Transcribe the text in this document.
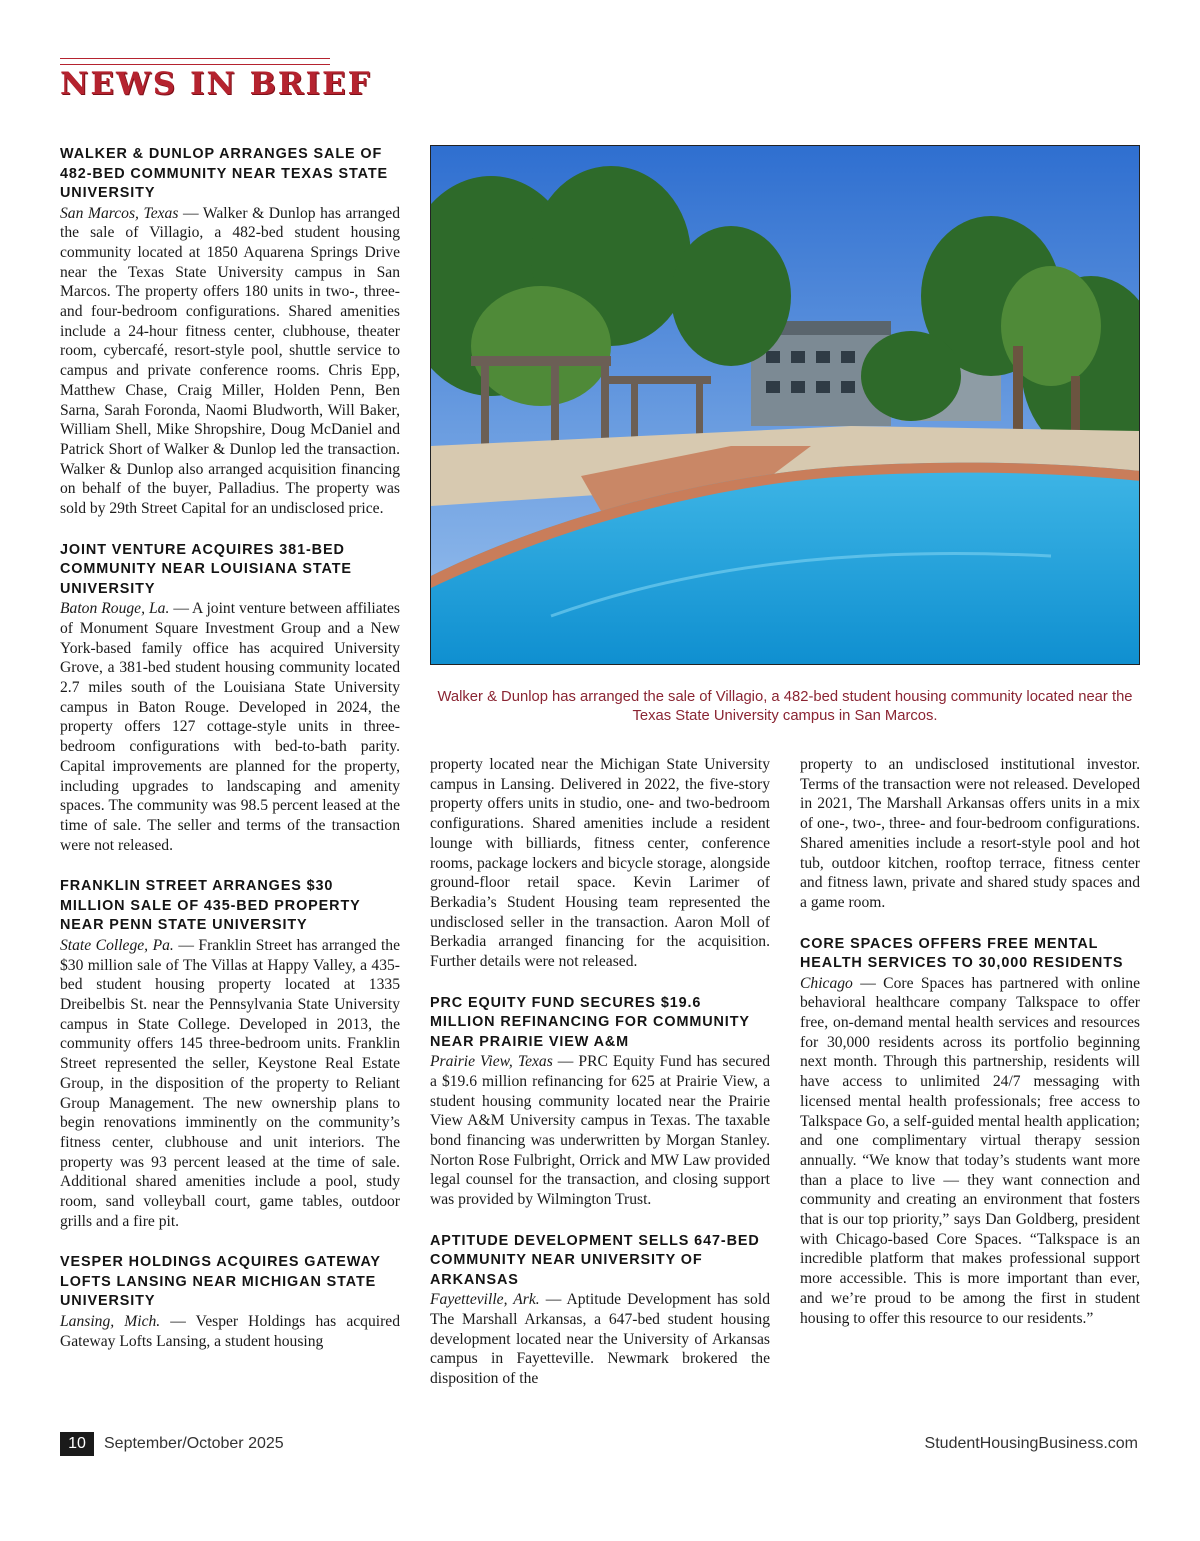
NEWS IN BRIEF
WALKER & DUNLOP ARRANGES SALE OF 482-BED COMMUNITY NEAR TEXAS STATE UNIVERSITY

San Marcos, Texas — Walker & Dunlop has arranged the sale of Villagio, a 482-bed student housing community located at 1850 Aquarena Springs Drive near the Texas State University campus in San Marcos. The property offers 180 units in two-, three- and four-bedroom configurations. Shared amenities include a 24-hour fitness center, clubhouse, theater room, cybercafé, resort-style pool, shuttle service to campus and private conference rooms. Chris Epp, Matthew Chase, Craig Miller, Holden Penn, Ben Sarna, Sarah Foronda, Naomi Bludworth, Will Baker, William Shell, Mike Shropshire, Doug McDaniel and Patrick Short of Walker & Dunlop led the transaction. Walker & Dunlop also arranged acquisition financing on behalf of the buyer, Palladius. The property was sold by 29th Street Capital for an undisclosed price.

JOINT VENTURE ACQUIRES 381-BED COMMUNITY NEAR LOUISIANA STATE UNIVERSITY

Baton Rouge, La. — A joint venture between affiliates of Monument Square Investment Group and a New York-based family office has acquired University Grove, a 381-bed student housing community located 2.7 miles south of the Louisiana State University campus in Baton Rouge. Developed in 2024, the property offers 127 cottage-style units in three-bedroom configurations with bed-to-bath parity. Capital improvements are planned for the property, including upgrades to landscaping and amenity spaces. The community was 98.5 percent leased at the time of sale. The seller and terms of the transaction were not released.

FRANKLIN STREET ARRANGES $30 MILLION SALE OF 435-BED PROPERTY NEAR PENN STATE UNIVERSITY

State College, Pa. — Franklin Street has arranged the $30 million sale of The Villas at Happy Valley, a 435-bed student housing property located at 1335 Dreibelbis St. near the Pennsylvania State University campus in State College. Developed in 2013, the community offers 145 three-bedroom units. Franklin Street represented the seller, Keystone Real Estate Group, in the disposition of the property to Reliant Group Management. The new ownership plans to begin renovations imminently on the community’s fitness center, clubhouse and unit interiors. The property was 93 percent leased at the time of sale. Additional shared amenities include a pool, study room, sand volleyball court, game tables, outdoor grills and a fire pit.

VESPER HOLDINGS ACQUIRES GATEWAY LOFTS LANSING NEAR MICHIGAN STATE UNIVERSITY

Lansing, Mich. — Vesper Holdings has acquired Gateway Lofts Lansing, a student housing

Walker & Dunlop has arranged the sale of Villagio, a 482-bed student housing community located near the Texas State University campus in San Marcos.

property located near the Michigan State University campus in Lansing. Delivered in 2022, the five-story property offers units in studio, one- and two-bedroom configurations. Shared amenities include a resident lounge with billiards, fitness center, conference rooms, package lockers and bicycle storage, alongside ground-floor retail space. Kevin Larimer of Berkadia’s Student Housing team represented the undisclosed seller in the transaction. Aaron Moll of Berkadia arranged financing for the acquisition. Further details were not released.

PRC EQUITY FUND SECURES $19.6 MILLION REFINANCING FOR COMMUNITY NEAR PRAIRIE VIEW A&M

Prairie View, Texas — PRC Equity Fund has secured a $19.6 million refinancing for 625 at Prairie View, a student housing community located near the Prairie View A&M University campus in Texas. The taxable bond financing was underwritten by Morgan Stanley. Norton Rose Fulbright, Orrick and MW Law provided legal counsel for the transaction, and closing support was provided by Wilmington Trust.

APTITUDE DEVELOPMENT SELLS 647-BED COMMUNITY NEAR UNIVERSITY OF ARKANSAS

Fayetteville, Ark. — Aptitude Development has sold The Marshall Arkansas, a 647-bed student housing development located near the University of Arkansas campus in Fayetteville. Newmark brokered the disposition of the

property to an undisclosed institutional investor. Terms of the transaction were not released. Developed in 2021, The Marshall Arkansas offers units in a mix of one-, two-, three- and four-bedroom configurations. Shared amenities include a resort-style pool and hot tub, outdoor kitchen, rooftop terrace, fitness center and fitness lawn, private and shared study spaces and a game room.

CORE SPACES OFFERS FREE MENTAL HEALTH SERVICES TO 30,000 RESIDENTS

Chicago — Core Spaces has partnered with online behavioral healthcare company Talkspace to offer free, on-demand mental health services and resources for 30,000 residents across its portfolio beginning next month. Through this partnership, residents will have access to unlimited 24/7 messaging with licensed mental health professionals; free access to Talkspace Go, a self-guided mental health application; and one complimentary virtual therapy session annually. “We know that today’s students want more than a place to live — they want connection and community and creating an environment that fosters that is our top priority,” says Dan Goldberg, president with Chicago-based Core Spaces. “Talkspace is an incredible platform that makes professional support more accessible. This is more important than ever, and we’re proud to be among the first in student housing to offer this resource to our residents.”

10	September/October 2025	StudentHousingBusiness.com
